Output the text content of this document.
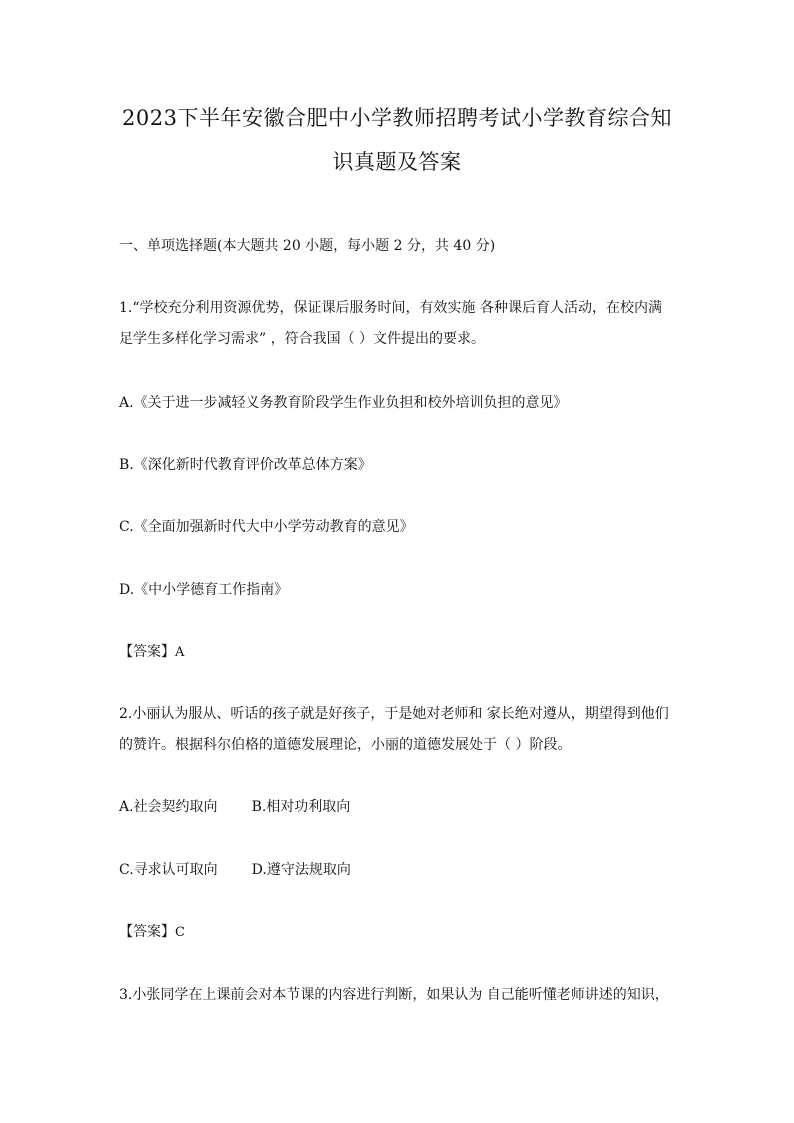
2023下半年安徽合肥中小学教师招聘考试小学教育综合知
识真题及答案
一、单项选择题(本大题共 20 小题，每小题 2 分，共 40 分)
1.“学校充分利用资源优势，保证课后服务时间，有效实施 各种课后育人活动，在校内满
足学生多样化学习需求” ，符合我国（ ）文件提出的要求。
A.《关于进一步减轻义务教育阶段学生作业负担和校外培训负担的意见》
B.《深化新时代教育评价改革总体方案》
C.《全面加强新时代大中小学劳动教育的意见》
D.《中小学德育工作指南》
【答案】A
2.小丽认为服从、听话的孩子就是好孩子，于是她对老师和 家长绝对遵从，期望得到他们
的赞许。根据科尔伯格的道德发展理论，小丽的道德发展处于（ ）阶段。
A.社会契约取向 B.相对功利取向
C.寻求认可取向 D.遵守法规取向
【答案】C
3.小张同学在上课前会对本节课的内容进行判断，如果认为 自己能听懂老师讲述的知识，
